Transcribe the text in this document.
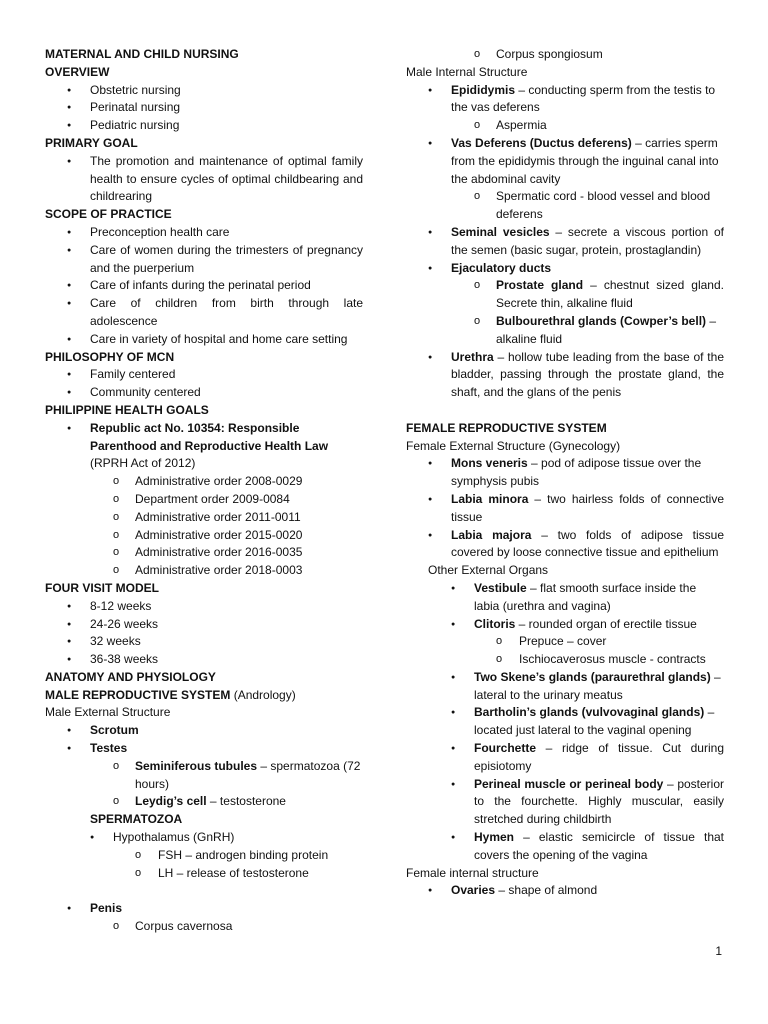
MATERNAL AND CHILD NURSING
OVERVIEW
● Obstetric nursing
● Perinatal nursing
● Pediatric nursing
PRIMARY GOAL
● The promotion and maintenance of optimal family health to ensure cycles of optimal childbearing and childrearing
SCOPE OF PRACTICE
● Preconception health care
● Care of women during the trimesters of pregnancy and the puerperium
● Care of infants during the perinatal period
● Care of children from birth through late adolescence
● Care in variety of hospital and home care setting
PHILOSOPHY OF MCN
● Family centered
● Community centered
PHILIPPINE HEALTH GOALS
● Republic act No. 10354: Responsible Parenthood and Reproductive Health Law (RPRH Act of 2012)
o Administrative order 2008-0029
o Department order 2009-0084
o Administrative order 2011-0011
o Administrative order 2015-0020
o Administrative order 2016-0035
o Administrative order 2018-0003
FOUR VISIT MODEL
● 8-12 weeks
● 24-26 weeks
● 32 weeks
● 36-38 weeks
ANATOMY AND PHYSIOLOGY
MALE REPRODUCTIVE SYSTEM (Andrology)
Male External Structure
● Scrotum
● Testes
o Seminiferous tubules – spermatozoa (72 hours)
o Leydig’s cell – testosterone
SPERMATOZOA
● Hypothalamus (GnRH)
o FSH – androgen binding protein
o LH – release of testosterone
● Penis
o Corpus cavernosa
o Corpus spongiosum
Male Internal Structure
● Epididymis – conducting sperm from the testis to the vas deferens
o Aspermia
● Vas Deferens (Ductus deferens) – carries sperm from the epididymis through the inguinal canal into the abdominal cavity
o Spermatic cord - blood vessel and blood deferens
● Seminal vesicles – secrete a viscous portion of the semen (basic sugar, protein, prostaglandin)
● Ejaculatory ducts
o Prostate gland – chestnut sized gland. Secrete thin, alkaline fluid
o Bulbourethral glands (Cowper’s bell) – alkaline fluid
● Urethra – hollow tube leading from the base of the bladder, passing through the prostate gland, the shaft, and the glans of the penis
FEMALE REPRODUCTIVE SYSTEM
Female External Structure (Gynecology)
● Mons veneris – pod of adipose tissue over the symphysis pubis
● Labia minora – two hairless folds of connective tissue
● Labia majora – two folds of adipose tissue covered by loose connective tissue and epithelium
Other External Organs
● Vestibule – flat smooth surface inside the labia (urethra and vagina)
● Clitoris – rounded organ of erectile tissue
o Prepuce – cover
o Ischiocaverosus muscle - contracts
● Two Skene’s glands (paraurethral glands) – lateral to the urinary meatus
● Bartholin’s glands (vulvovaginal glands) – located just lateral to the vaginal opening
● Fourchette – ridge of tissue. Cut during episiotomy
● Perineal muscle or perineal body – posterior to the fourchette. Highly muscular, easily stretched during childbirth
● Hymen – elastic semicircle of tissue that covers the opening of the vagina
Female internal structure
● Ovaries – shape of almond
1
